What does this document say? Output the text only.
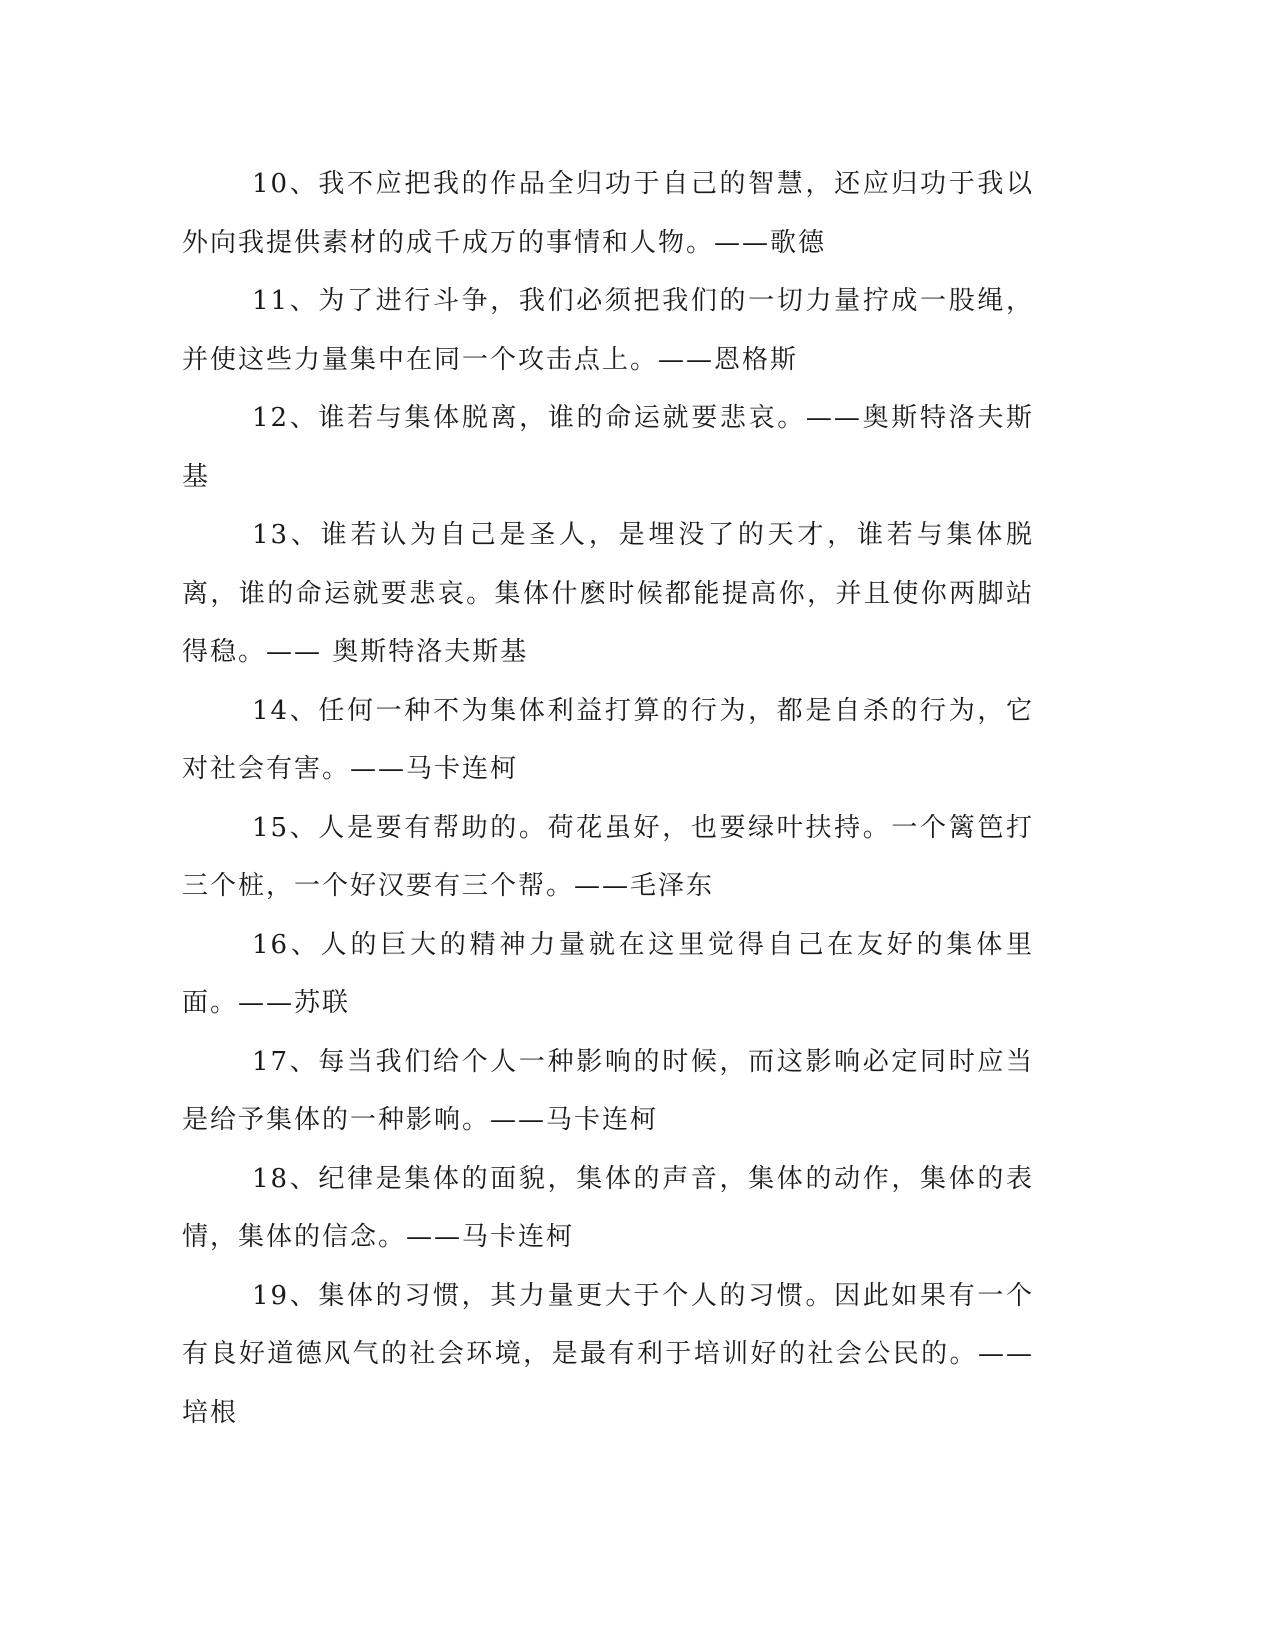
10、我不应把我的作品全归功于自己的智慧，还应归功于我以外向我提供素材的成千成万的事情和人物。——歌德

11、为了进行斗争，我们必须把我们的一切力量拧成一股绳，并使这些力量集中在同一个攻击点上。——恩格斯

12、谁若与集体脱离，谁的命运就要悲哀。——奥斯特洛夫斯基

13、谁若认为自己是圣人，是埋没了的天才，谁若与集体脱离，谁的命运就要悲哀。集体什麽时候都能提高你，并且使你两脚站得稳。—— 奥斯特洛夫斯基

14、任何一种不为集体利益打算的行为，都是自杀的行为，它对社会有害。——马卡连柯

15、人是要有帮助的。荷花虽好，也要绿叶扶持。一个篱笆打三个桩，一个好汉要有三个帮。——毛泽东

16、人的巨大的精神力量就在这里觉得自己在友好的集体里面。——苏联

17、每当我们给个人一种影响的时候，而这影响必定同时应当是给予集体的一种影响。——马卡连柯

18、纪律是集体的面貌，集体的声音，集体的动作，集体的表情，集体的信念。——马卡连柯

19、集体的习惯，其力量更大于个人的习惯。因此如果有一个有良好道德风气的社会环境，是最有利于培训好的社会公民的。——培根
